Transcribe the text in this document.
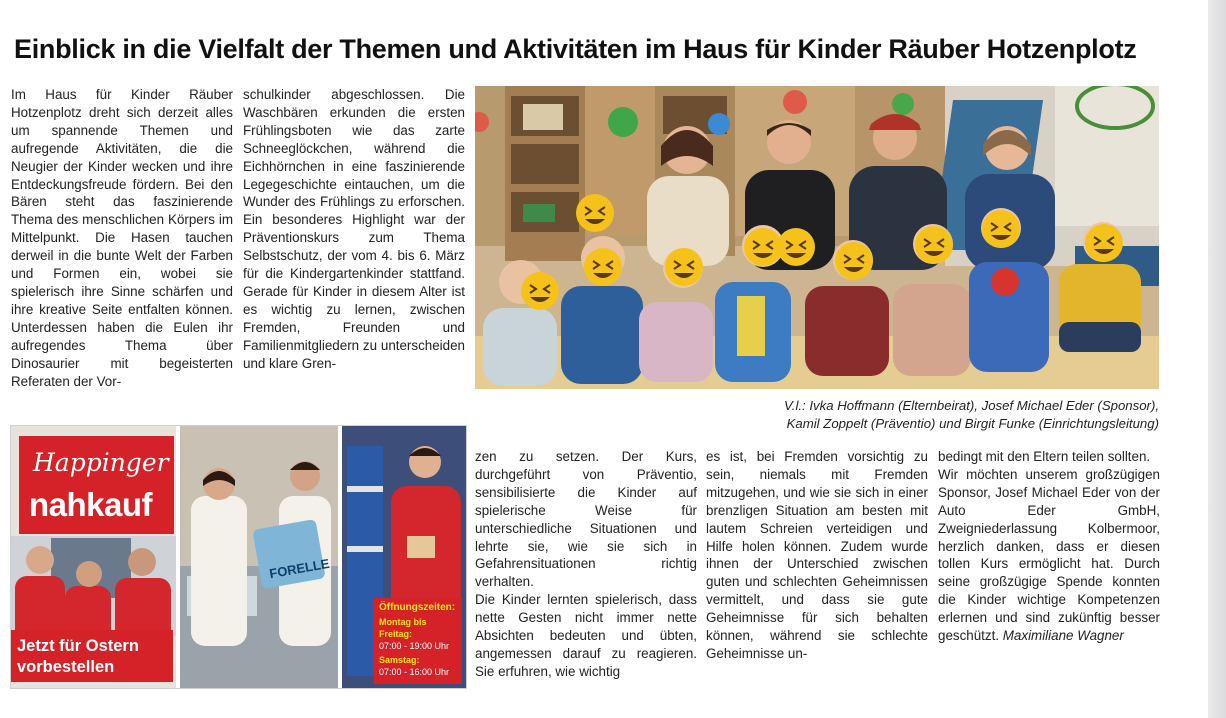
Einblick in die Vielfalt der Themen und Aktivitäten im Haus für Kinder Räuber Hotzenplotz

Im Haus für Kinder Räuber Hotzenplotz dreht sich derzeit alles um spannende Themen und aufregende Aktivitäten, die die Neugier der Kinder wecken und ihre Entdeckungsfreude fördern. Bei den Bären steht das faszinierende Thema des menschlichen Körpers im Mittelpunkt. Die Hasen tauchen derweil in die bunte Welt der Farben und Formen ein, wobei sie spielerisch ihre Sinne schärfen und ihre kreative Seite entfalten können. Unterdessen haben die Eulen ihr aufregendes Thema über Dinosaurier mit begeisterten Referaten der Vor-

schulkinder abgeschlossen. Die Waschbären erkunden die ersten Frühlingsboten wie das zarte Schneeglöckchen, während die Eichhörnchen in eine faszinierende Legegeschichte eintauchen, um die Wunder des Frühlings zu erforschen. Ein besonderes Highlight war der Präventionskurs zum Thema Selbstschutz, der vom 4. bis 6. März für die Kindergartenkinder stattfand. Gerade für Kinder in diesem Alter ist es wichtig zu lernen, zwischen Fremden, Freunden und Familienmitgliedern zu unterscheiden und klare Gren-

zen zu setzen. Der Kurs, durchgeführt von Präventio, sensibilisierte die Kinder auf spielerische Weise für unterschiedliche Situationen und lehrte sie, wie sie sich in Gefahrensituationen richtig verhalten.

Die Kinder lernten spielerisch, dass nette Gesten nicht immer nette Absichten bedeuten und übten, angemessen darauf zu reagieren. Sie erfuhren, wie wichtig

es ist, bei Fremden vorsichtig zu sein, niemals mit Fremden mitzugehen, und wie sie sich in einer brenzligen Situation am besten mit lautem Schreien verteidigen und Hilfe holen können. Zudem wurde ihnen der Unterschied zwischen guten und schlechten Geheimnissen vermittelt, und dass sie gute Geheimnisse für sich behalten können, während sie schlechte Geheimnisse un-

bedingt mit den Eltern teilen sollten.

Wir möchten unserem großzügigen Sponsor, Josef Michael Eder von der Auto Eder GmbH, Zweigniederlassung Kolbermoor, herzlich danken, dass er diesen tollen Kurs ermöglicht hat. Durch seine großzügige Spende konnten die Kinder wichtige Kompetenzen erlernen und sind zukünftig besser geschützt. Maximiliane Wagner

V.l.: Ivka Hoffmann (Elternbeirat), Josef Michael Eder (Sponsor),
Kamil Zoppelt (Präventio) und Birgit Funke (Einrichtungsleitung)
Happinger
nahkauf
FORELLE
Jetzt für Ostern
vorbestellen
Öffnungszeiten:
Montag bis Freitag:
07:00 - 19:00 Uhr
Samstag:
07:00 - 16:00 Uhr
